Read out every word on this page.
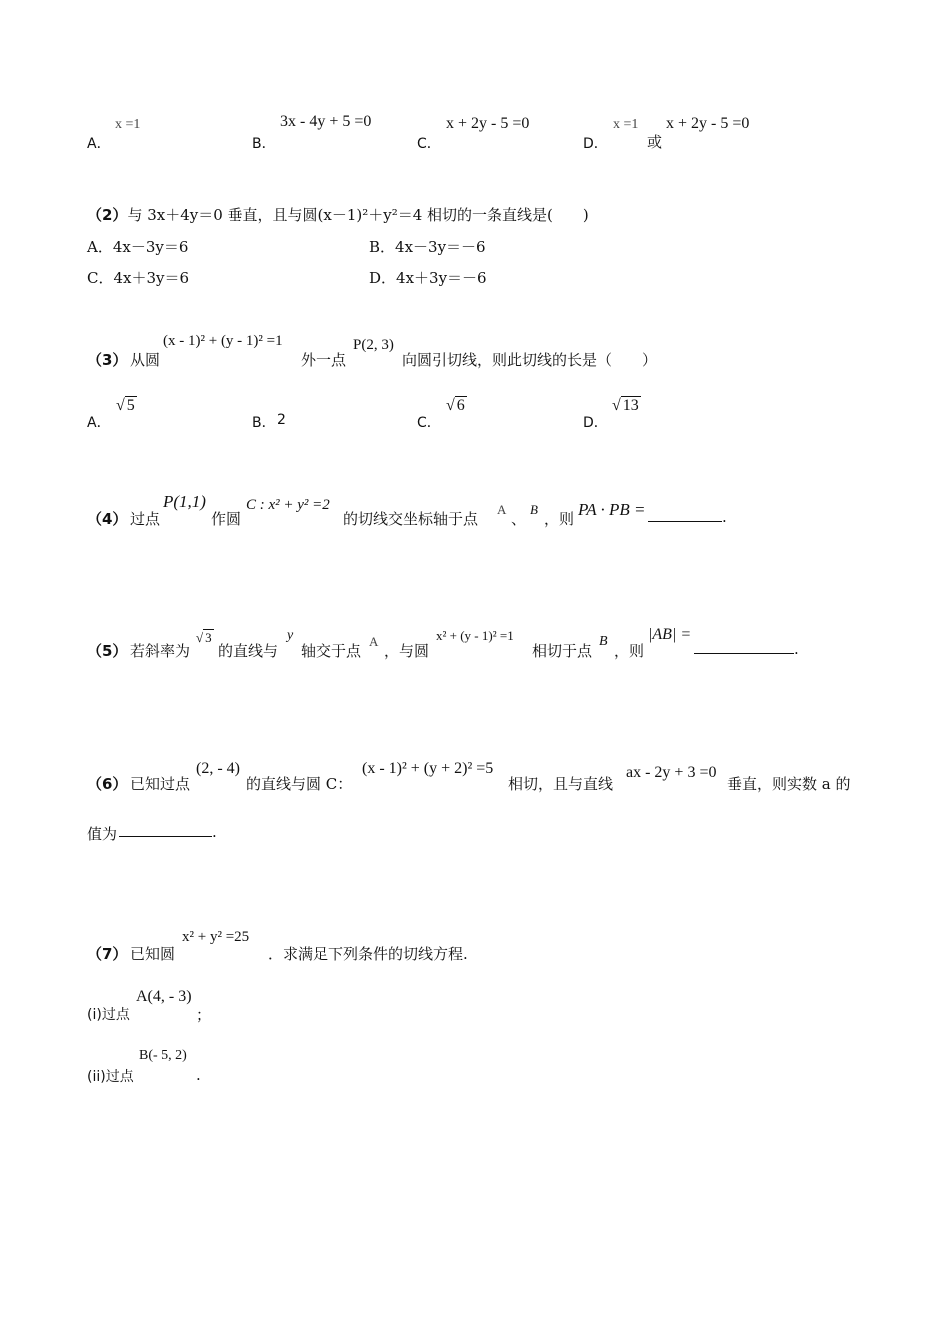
A．
x =1
B．
3x - 4y + 5 =0
C．
x + 2y - 5 =0
D．
x =1
或
x + 2y - 5 =0
（2）与 3x＋4y＝0 垂直，且与圆(x－1)²＋y²＝4 相切的一条直线是(　　)
A．4x－3y＝6	B．4x－3y＝－6
C．4x＋3y＝6	D．4x＋3y＝－6
（3） 从圆
(x - 1)² + (y - 1)² =1
外一点
P(2, 3)
向圆引切线，则此切线的长是（　　）
A．
√ 5
B． 2	C．
√ 6
D．
√ 13
（4） 过点
P(1,1)
作圆
C : x² + y² =2
的切线交坐标轴于点
A
、
B
，则 PA · PB =	.
（5） 若斜率为
√ 3
的直线与
y
轴交于点
A
，与圆
x² + (y - 1)² =1
相切于点
B
，则
|AB| =
.
（6） 已知过点
(2, - 4)
的直线与圆 C：
(x - 1)² + (y + 2)² =5
相切，且与直线
ax - 2y + 3 =0
垂直，则实数 a 的
值为	.
（7） 已知圆
x² + y² =25
．求满足下列条件的切线方程.
(i)过点
A(4, - 3)
；
(ii)过点
B(- 5, 2)
.
